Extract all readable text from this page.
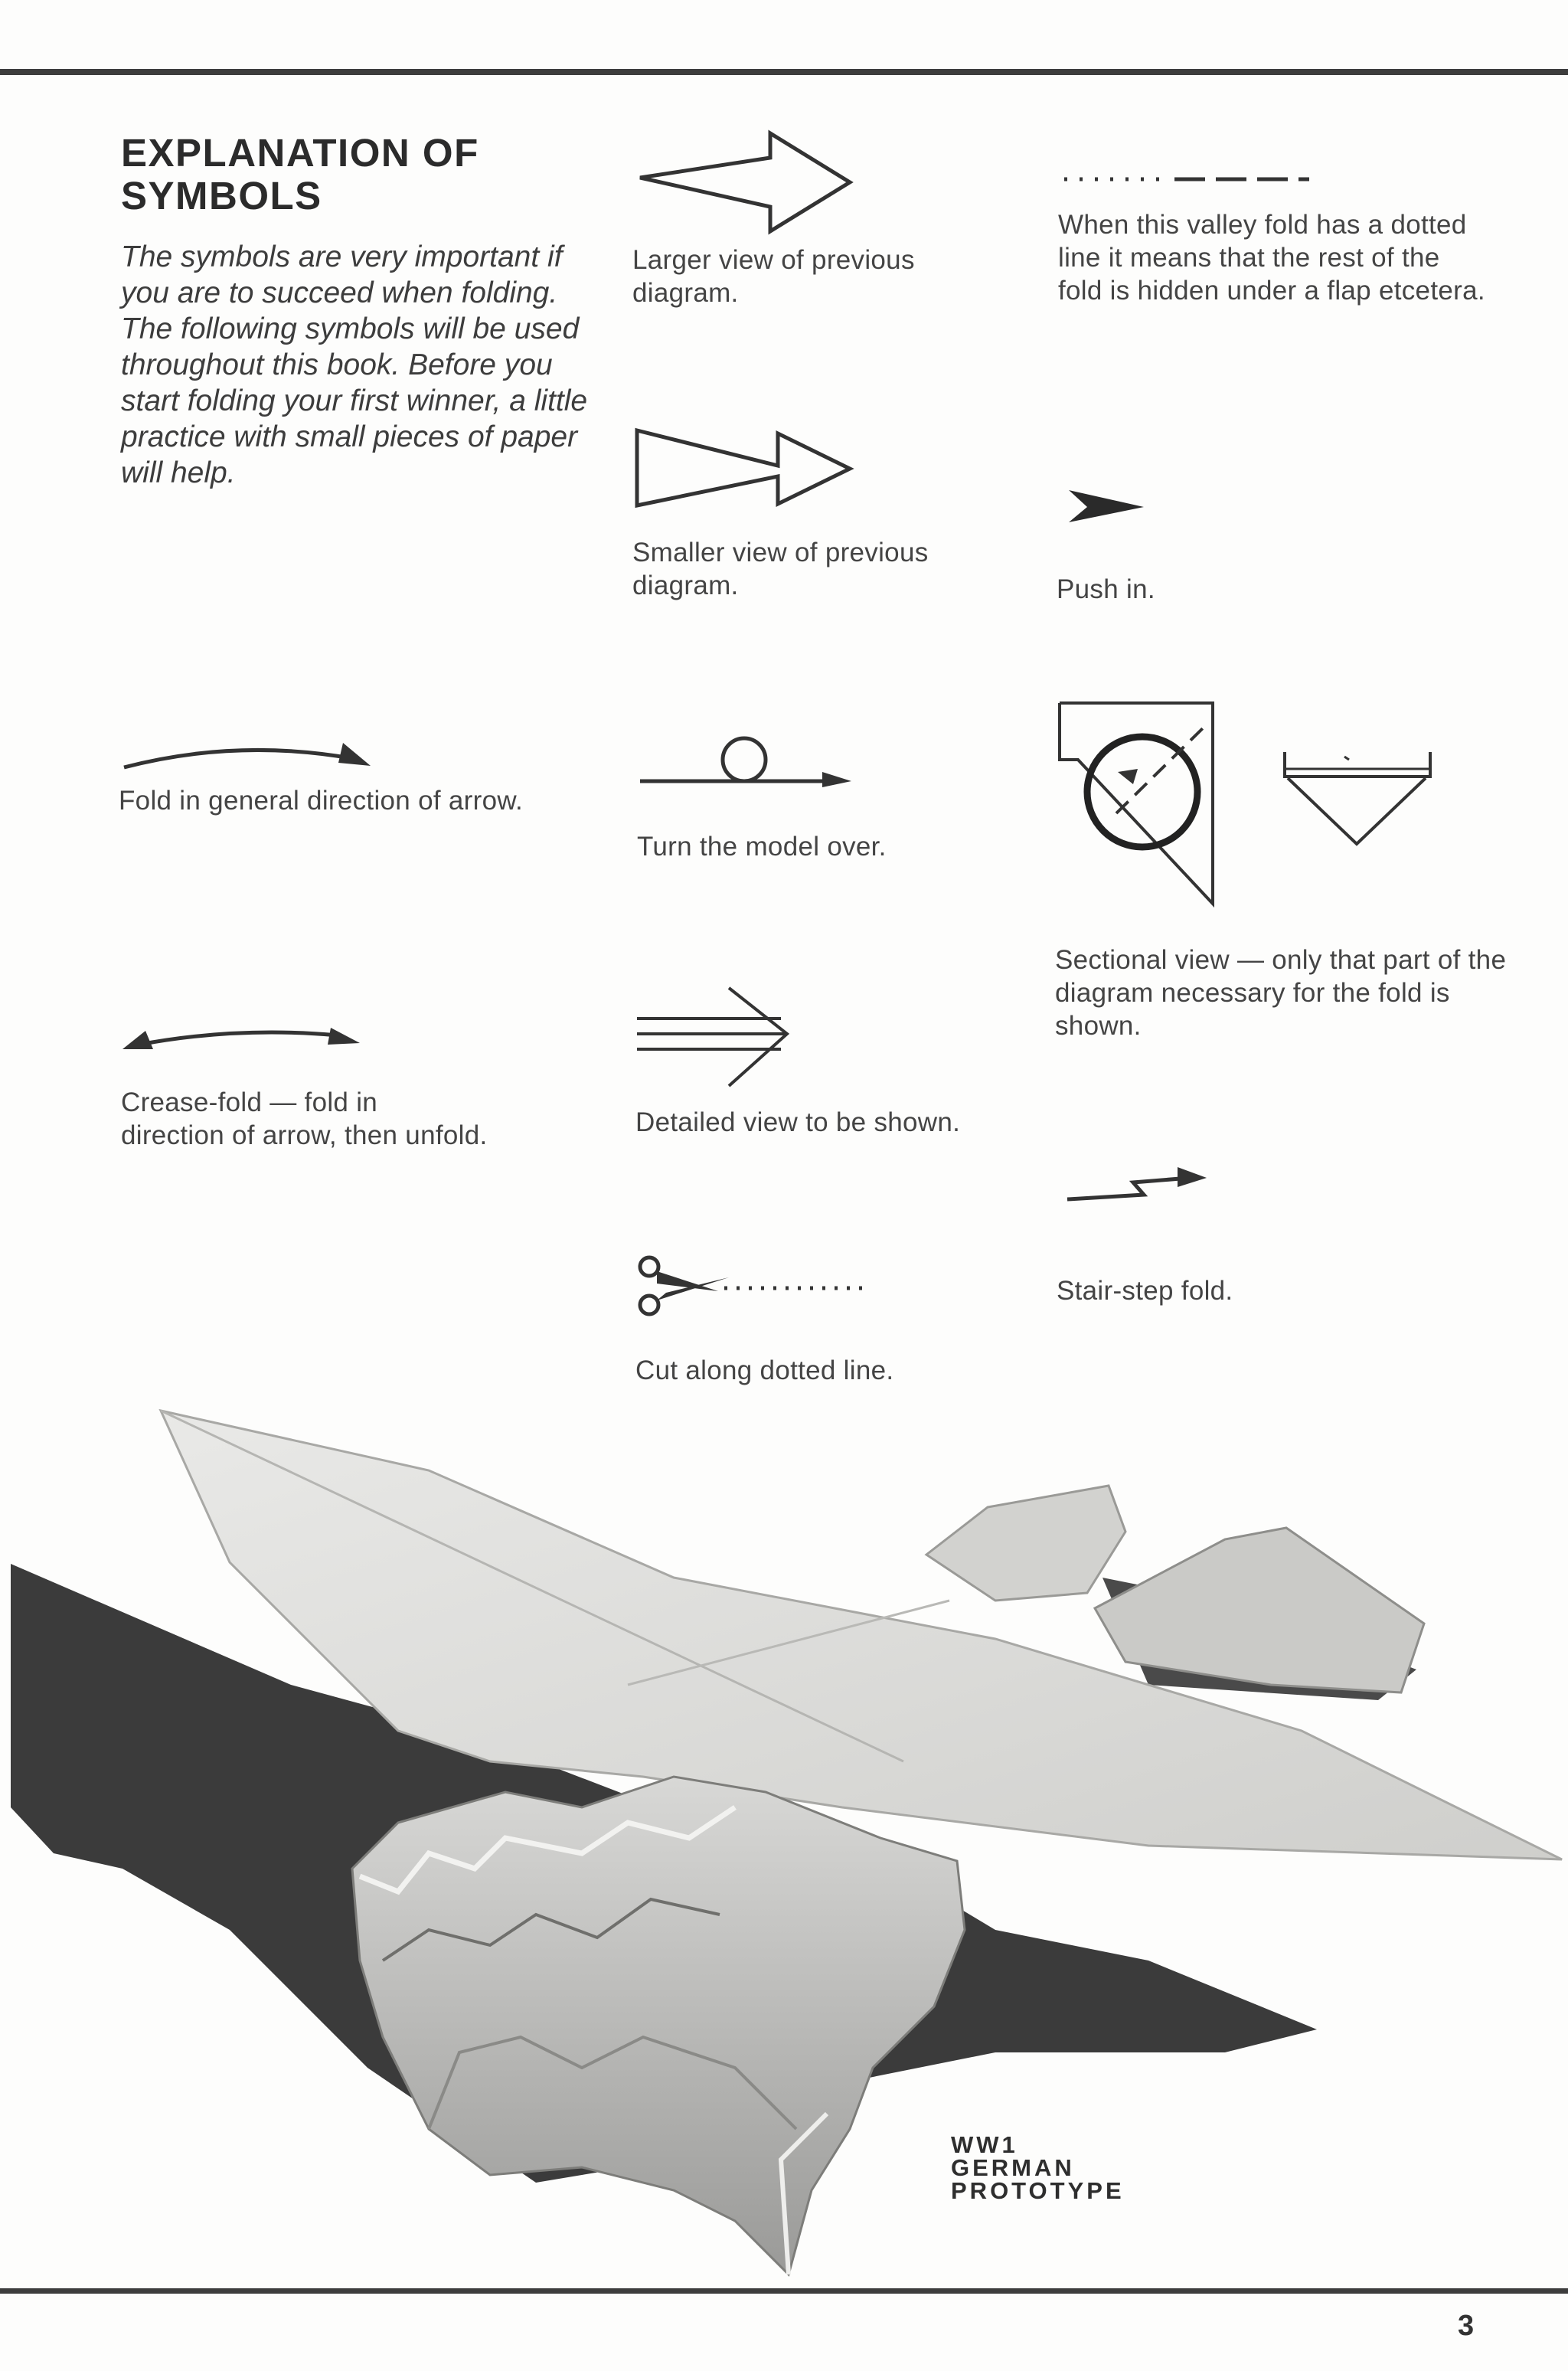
EXPLANATION OF SYMBOLS
The symbols are very important if you are to succeed when folding. The following symbols will be used throughout this book. Before you start folding your first winner, a little practice with small pieces of paper will help.
Larger view of previous diagram.
Smaller view of previous diagram.
Turn the model over.
Detailed view to be shown.
Cut along dotted line.
Fold in general direction of arrow.
Crease-fold — fold in direction of arrow, then unfold.
When this valley fold has a dotted line it means that the rest of the fold is hidden under a flap etcetera.
Push in.
Sectional view — only that part of the diagram necessary for the fold is shown.
Stair-step fold.
WW1 GERMAN PROTOTYPE
3
